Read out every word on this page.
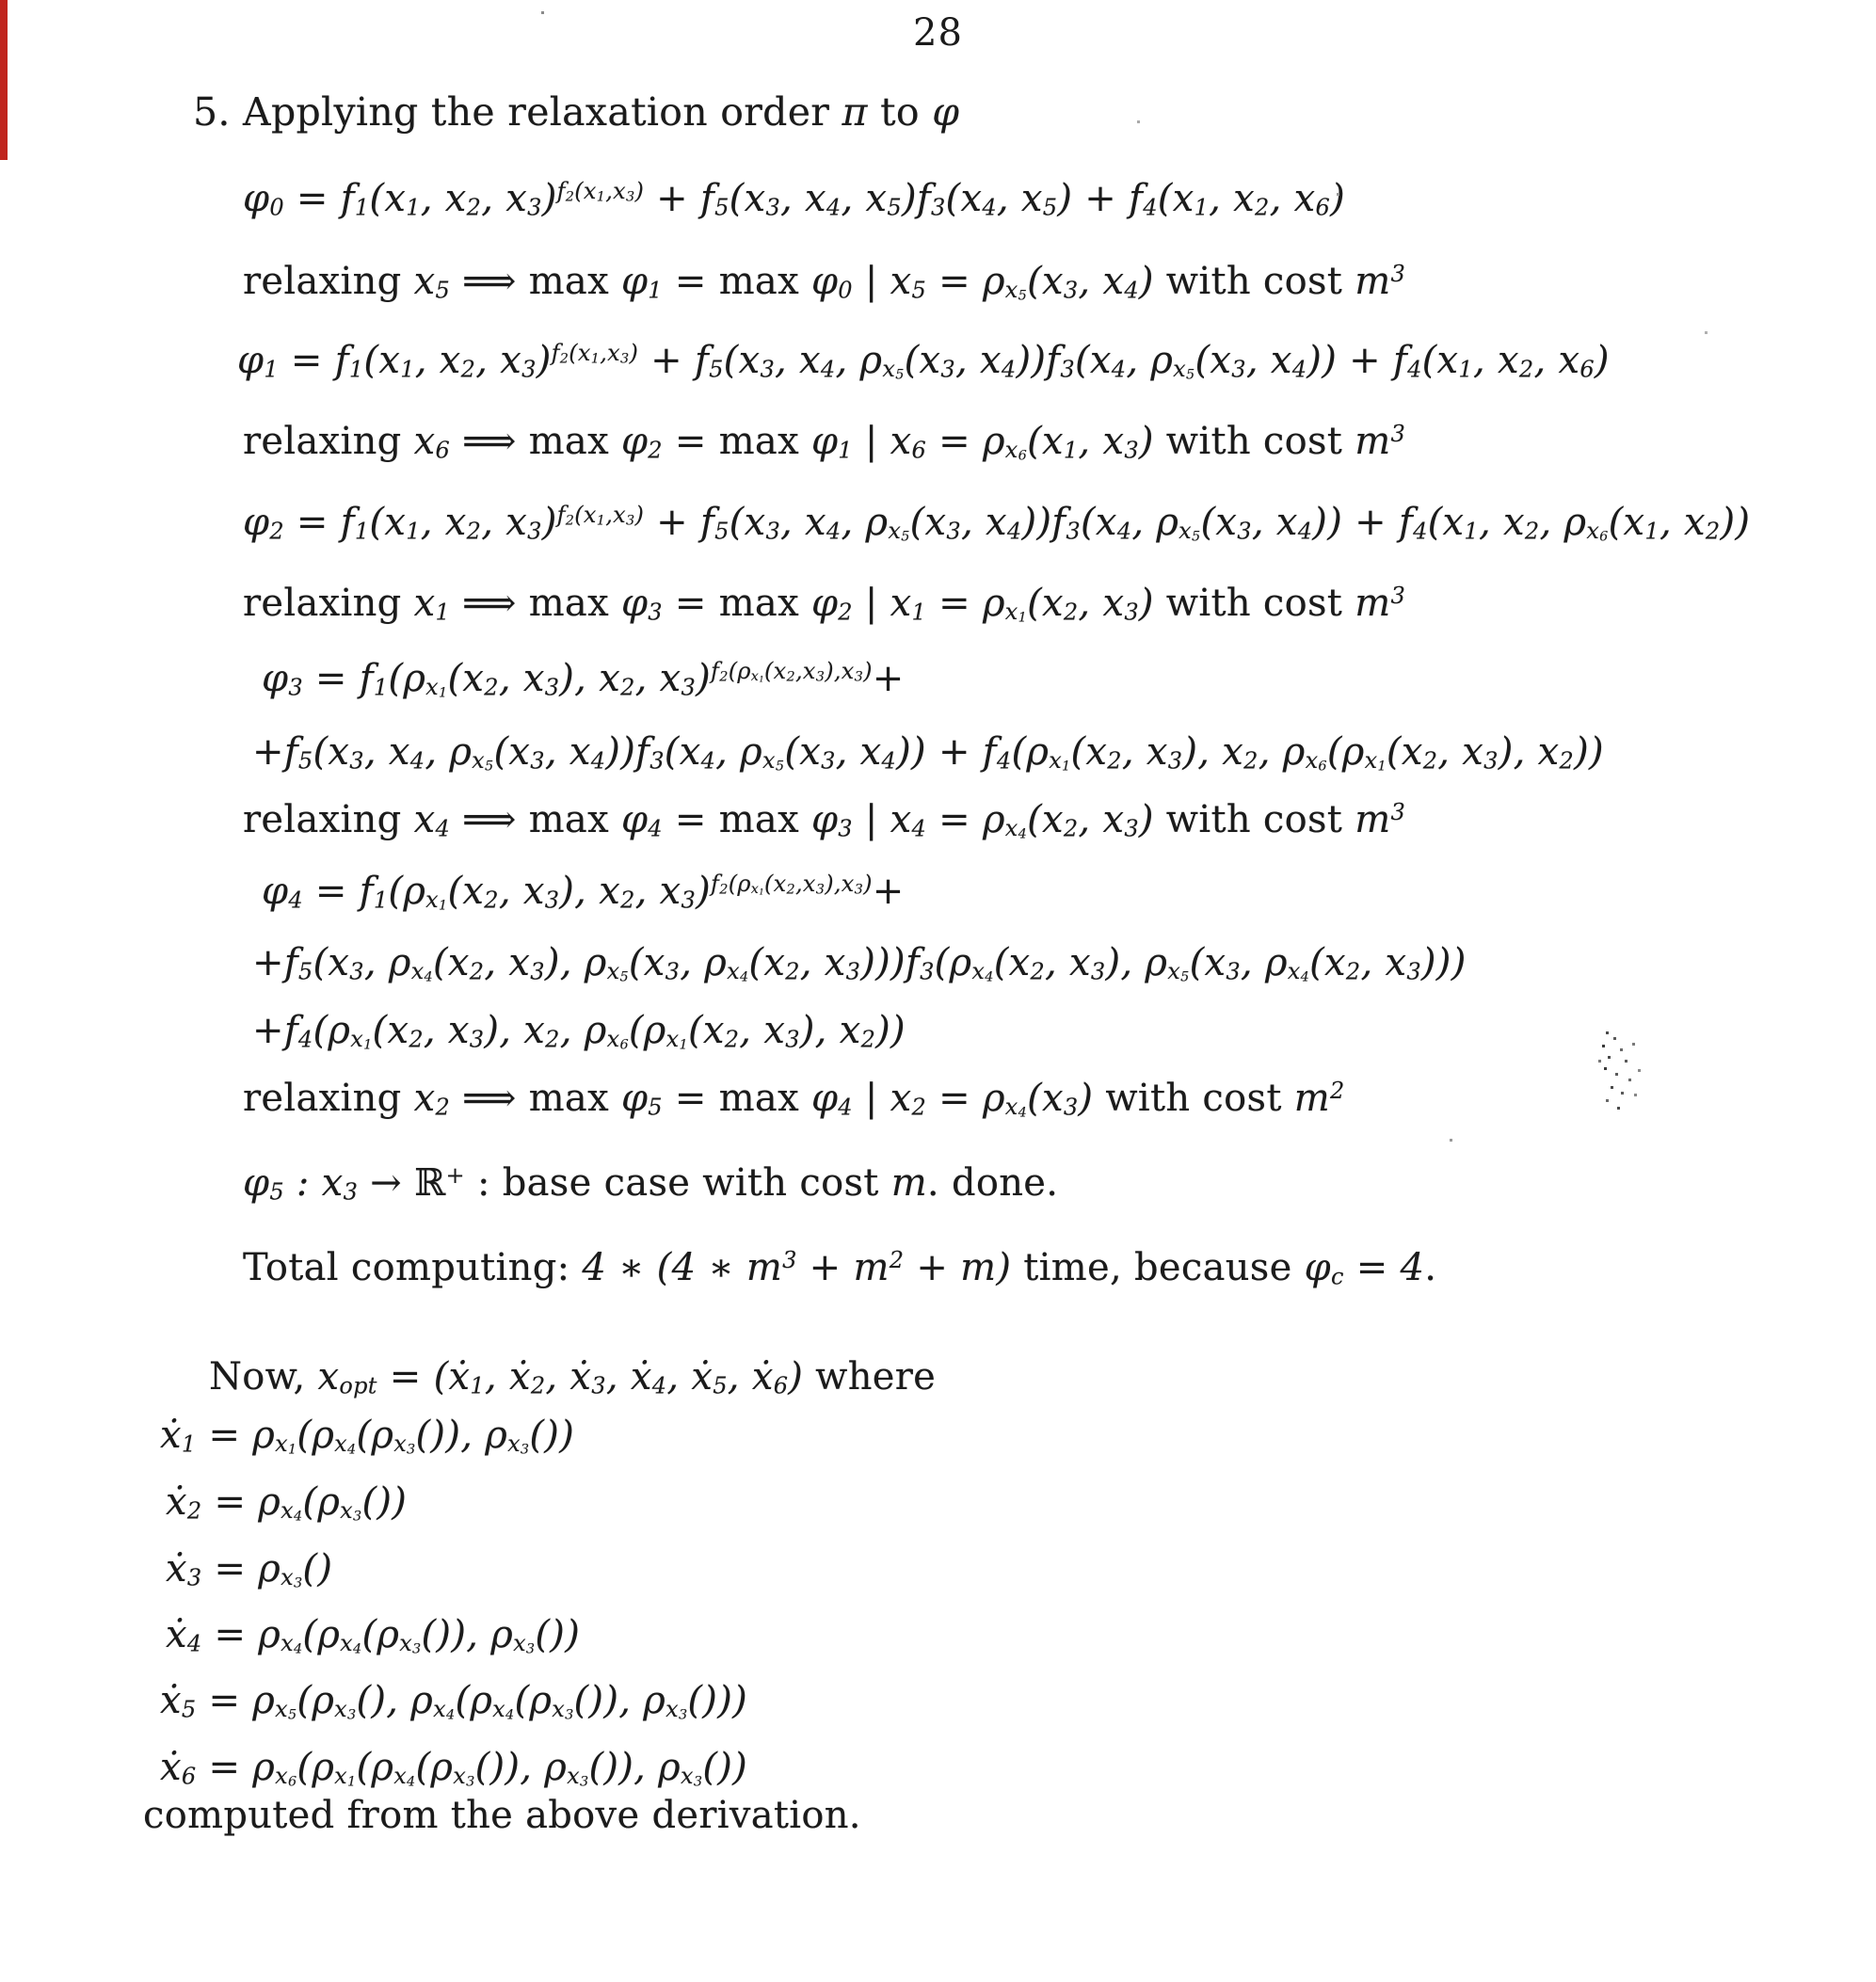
28
5. Applying the relaxation order π to φ
$\varphi_0 = f_1(x_1$, $x_2$, $x_3)^{f_2(x_1,x_3)} + f_5(x_3$, $x_4$, $x_5)f_3(x_4$, $x_5) + f_4(x_1$, $x_2$, $x_6$)
relaxing $x_5$ ⟹ $\max \varphi_1 = \max \varphi_0$ | $x_5 = \rho_{x_5}(x_3$, $x_4$) with cost $m^3$
$\varphi_1 = f_1(x_1$, $x_2$, $x_3)^{f_2(x_1,x_3)} + f_5(x_3$, $x_4$, $\rho_{x_5}(x_3$, $x_4))f_3(x_4$, $\rho_{x_5}(x_3$, $x_4)) + f_4(x_1$, $x_2$, $x_6$)
relaxing $x_6$ ⟹ $\max \varphi_2 = \max \varphi_1$ | $x_6 = \rho_{x_6}(x_1$, $x_3$) with cost $m^3$
$\varphi_2 = f_1(x_1$, $x_2$, $x_3)^{f_2(x_1,x_3)} + f_5(x_3$, $x_4$, $\rho_{x_5}(x_3$, $x_4))f_3(x_4$, $\rho_{x_5}(x_3$, $x_4)) + f_4(x_1$, $x_2$, $\rho_{x_6}(x_1$, $x_2$))
relaxing $x_1$ ⟹ $\max \varphi_3 = \max \varphi_2$ | $x_1 = \rho_{x_1}(x_2$, $x_3$) with cost $m^3$
$\varphi_3 = f_1(\rho_{x_1}(x_2$, $x_3$), $x_2$, $x_3)^{f_2(\rho_{x_1}(x_2,x_3),x_3)}+$
$+f_5(x_3$, $x_4$, $\rho_{x_5}(x_3$, $x_4))f_3(x_4$, $\rho_{x_5}(x_3$, $x_4)) + f_4(\rho_{x_1}(x_2$, $x_3$), $x_2$, $\rho_{x_6}(\rho_{x_1}(x_2$, $x_3$), $x_2$))
relaxing $x_4$ ⟹ $\max \varphi_4 = \max \varphi_3$ | $x_4 = \rho_{x_4}(x_2$, $x_3$) with cost $m^3$
$\varphi_4 = f_1(\rho_{x_1}(x_2$, $x_3$), $x_2$, $x_3)^{f_2(\rho_{x_1}(x_2,x_3),x_3)}+$
$+f_5(x_3$, $\rho_{x_4}(x_2$, $x_3$), $\rho_{x_5}(x_3$, $\rho_{x_4}(x_2$, $x_3)))f_3(\rho_{x_4}(x_2$, $x_3$), $\rho_{x_5}(x_3$, $\rho_{x_4}(x_2$, $x_3$)))
$+f_4(\rho_{x_1}(x_2$, $x_3$), $x_2$, $\rho_{x_6}(\rho_{x_1}(x_2$, $x_3$), $x_2$))
relaxing $x_2$ ⟹ $\max \varphi_5 = \max \varphi_4$ | $x_2 = \rho_{x_4}(x_3)$ with cost $m^2$
$\varphi_5$ : $x_3$ → ℝ+ : base case with cost m. done.
Total computing: 4 ∗ (4 ∗ $m^3 + m^2 + m$) time, because $\varphi_c = 4$.
Now, $x_{opt}$ = (ẋ$_1$, ẋ$_2$, ẋ$_3$, ẋ$_4$, ẋ$_5$, ẋ$_6$) where
ẋ$_1$ = $\rho_{x_1}(\rho_{x_4}(\rho_{x_3}())$, $\rho_{x_3}()$)
ẋ$_2$ = $\rho_{x_4}(\rho_{x_3}())$
ẋ$_3$ = $\rho_{x_3}()$
ẋ$_4$ = $\rho_{x_4}(\rho_{x_4}(\rho_{x_3}())$, $\rho_{x_3}()$)
ẋ$_5$ = $\rho_{x_5}(\rho_{x_3}()$, $\rho_{x_4}(\rho_{x_4}(\rho_{x_3}())$, $\rho_{x_3}()$))
ẋ$_6$ = $\rho_{x_6}(\rho_{x_1}(\rho_{x_4}(\rho_{x_3}())$, $\rho_{x_3}()$), $\rho_{x_3}()$)
computed from the above derivation.
